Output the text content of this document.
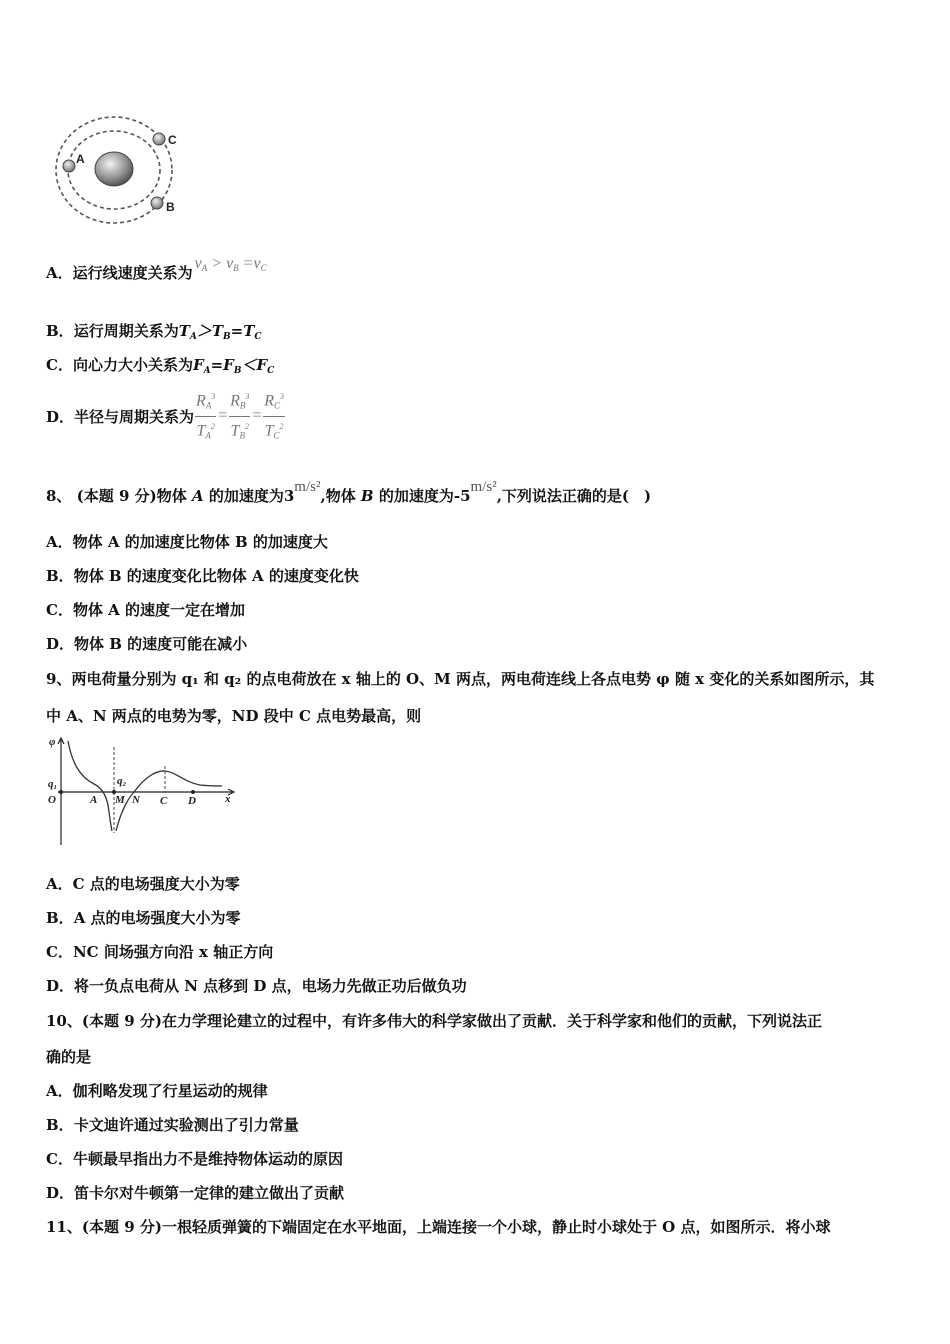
A
C
B
A．运行线速度关系为$v_A > v_B =v_C$
B．运行周期关系为$T_A>T_B=T_C$
C．向心力大小关系为$F_A=F_B<F_C$
D． 半径与周期关系为 $\frac{R_A^3}{T_A^2} = \frac{R_B^3}{T_B^2} = \frac{R_C^3}{T_C^2}$
8、 (本题 9 分)物体 A 的加速度为3m/s²,物体 B 的加速度为-5m/s²,下列说法正确的是(　)
A．物体 A 的加速度比物体 B 的加速度大
B．物体 B 的速度变化比物体 A 的速度变化快
C．物体 A 的速度一定在增加
D．物体 B 的速度可能在减小
9、两电荷量分别为 q₁ 和 q₂ 的点电荷放在 x 轴上的 O、M 两点，两电荷连线上各点电势 φ 随 x 变化的关系如图所示，其
中 A、N 两点的电势为零，ND 段中 C 点电势最高，则
φ
q₁
O
q₂
A M N C D	x
A．C 点的电场强度大小为零
B．A 点的电场强度大小为零
C．NC 间场强方向沿 x 轴正方向
D．将一负点电荷从 N 点移到 D 点，电场力先做正功后做负功
10、(本题 9 分)在力学理论建立的过程中，有许多伟大的科学家做出了贡献．关于科学家和他们的贡献，下列说法正
确的是
A．伽利略发现了行星运动的规律
B．卡文迪许通过实验测出了引力常量
C．牛顿最早指出力不是维持物体运动的原因
D．笛卡尔对牛顿第一定律的建立做出了贡献
11、(本题 9 分)一根轻质弹簧的下端固定在水平地面，上端连接一个小球，静止时小球处于 O 点，如图所示．将小球
